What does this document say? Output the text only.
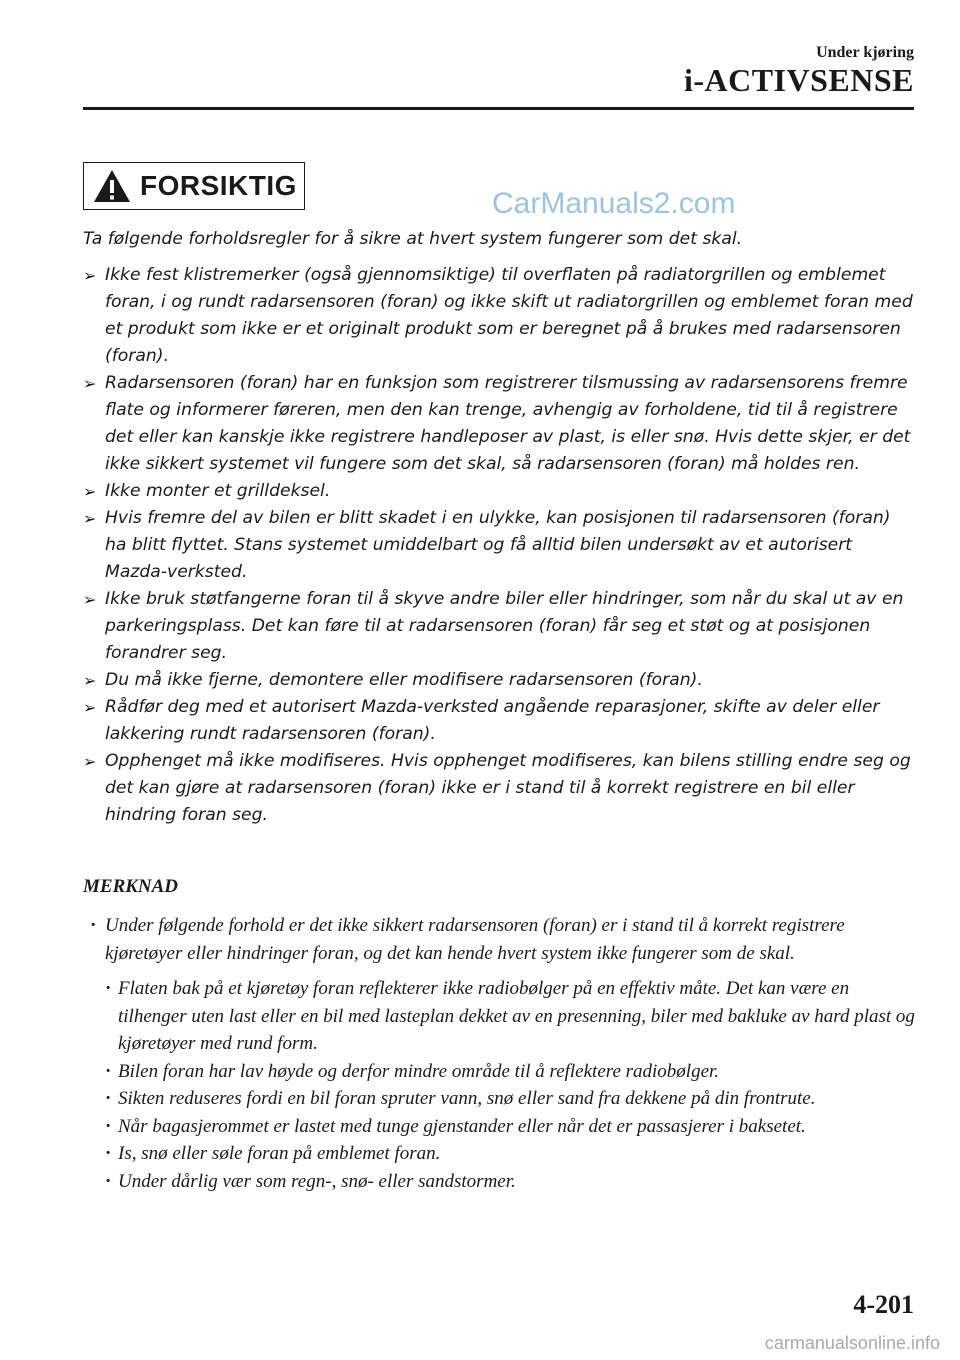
Under kjøring
i-ACTIVSENSE
FORSIKTIG
CarManuals2.com

Ta følgende forholdsregler for å sikre at hvert system fungerer som det skal.

➢ Ikke fest klistremerker (også gjennomsiktige) til overflaten på radiatorgrillen og emblemet foran, i og rundt radarsensoren (foran) og ikke skift ut radiatorgrillen og emblemet foran med et produkt som ikke er et originalt produkt som er beregnet på å brukes med radarsensoren (foran).
➢ Radarsensoren (foran) har en funksjon som registrerer tilsmussing av radarsensorens fremre flate og informerer føreren, men den kan trenge, avhengig av forholdene, tid til å registrere det eller kan kanskje ikke registrere handleposer av plast, is eller snø. Hvis dette skjer, er det ikke sikkert systemet vil fungere som det skal, så radarsensoren (foran) må holdes ren.
➢ Ikke monter et grilldeksel.
➢ Hvis fremre del av bilen er blitt skadet i en ulykke, kan posisjonen til radarsensoren (foran) ha blitt flyttet. Stans systemet umiddelbart og få alltid bilen undersøkt av et autorisert Mazda-verksted.
➢ Ikke bruk støtfangerne foran til å skyve andre biler eller hindringer, som når du skal ut av en parkeringsplass. Det kan føre til at radarsensoren (foran) får seg et støt og at posisjonen forandrer seg.
➢ Du må ikke fjerne, demontere eller modifisere radarsensoren (foran).
➢ Rådfør deg med et autorisert Mazda-verksted angående reparasjoner, skifte av deler eller lakkering rundt radarsensoren (foran).
➢ Opphenget må ikke modifiseres. Hvis opphenget modifiseres, kan bilens stilling endre seg og det kan gjøre at radarsensoren (foran) ikke er i stand til å korrekt registrere en bil eller hindring foran seg.
MERKNAD
· Under følgende forhold er det ikke sikkert radarsensoren (foran) er i stand til å korrekt registrere kjøretøyer eller hindringer foran, og det kan hende hvert system ikke fungerer som de skal.
· Flaten bak på et kjøretøy foran reflekterer ikke radiobølger på en effektiv måte. Det kan være en tilhenger uten last eller en bil med lasteplan dekket av en presenning, biler med bakluke av hard plast og kjøretøyer med rund form.
· Bilen foran har lav høyde og derfor mindre område til å reflektere radiobølger.
· Sikten reduseres fordi en bil foran spruter vann, snø eller sand fra dekkene på din frontrute.
· Når bagasjerommet er lastet med tunge gjenstander eller når det er passasjerer i baksetet.
· Is, snø eller søle foran på emblemet foran.
· Under dårlig vær som regn-, snø- eller sandstormer.
4-201
carmanualsonline.info
